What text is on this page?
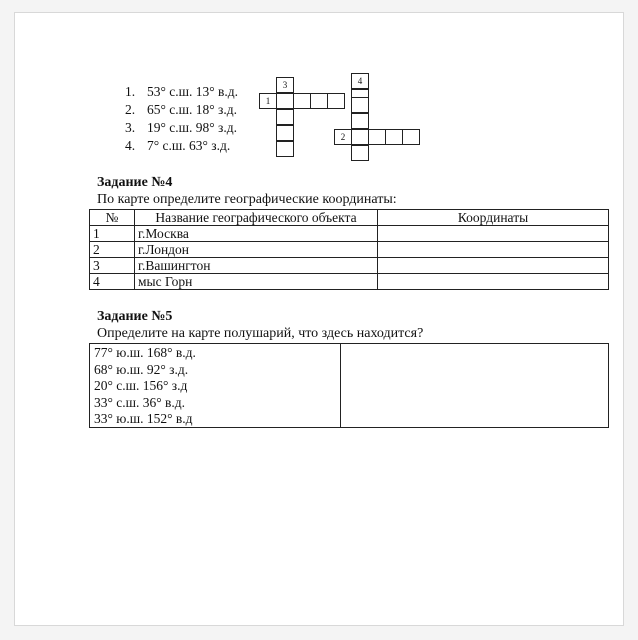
1. 53° с.ш. 13° в.д.
2. 65° с.ш. 18° з.д.
3. 19° с.ш. 98° з.д.
4. 7° с.ш. 63° з.д.
1
3	4
2
Задание №4
По карте определите географические координаты:
№	Название географического объекта	Координаты
1	г.Москва	
2	г.Лондон	
3	г.Вашингтон	
4	мыс Горн	
Задание №5
Определите на карте полушарий, что здесь находится?
77° ю.ш. 168° в.д.
68° ю.ш. 92° з.д.
20° с.ш. 156° з.д
33° с.ш. 36° в.д.
33° ю.ш. 152° в.д
